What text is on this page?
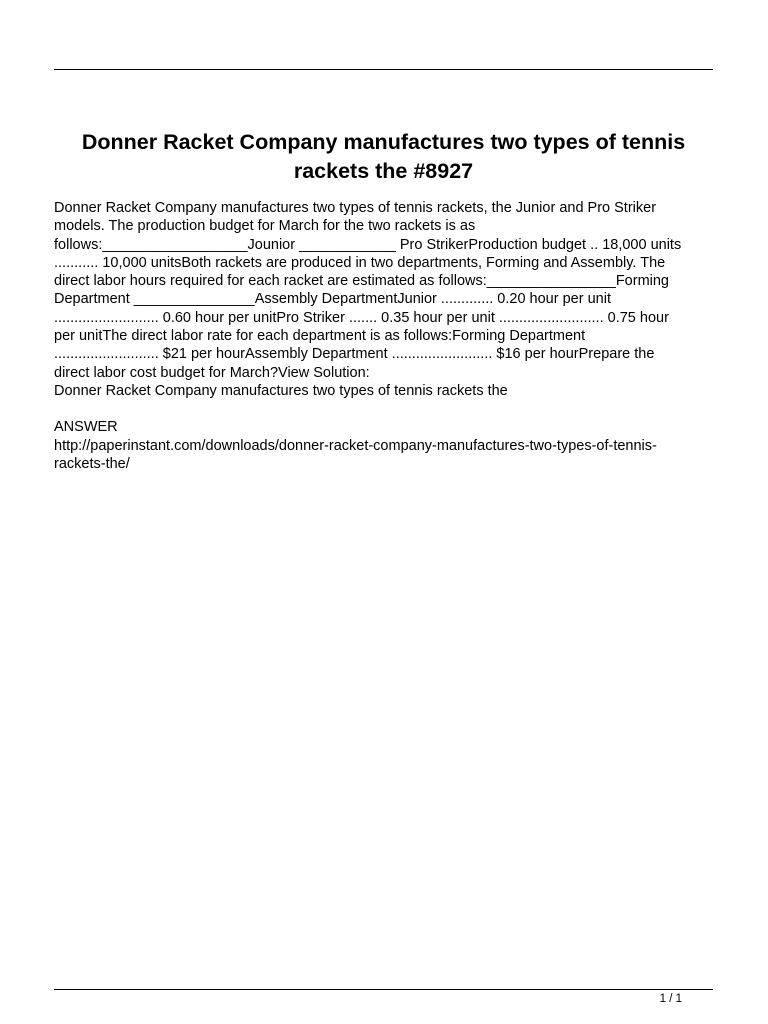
Donner Racket Company manufactures two types of tennis rackets the #8927

Donner Racket Company manufactures two types of tennis rackets, the Junior and Pro Striker
models. The production budget for March for the two rackets is as
follows:__________________Jounior ____________ Pro StrikerProduction budget .. 18,000 units
........... 10,000 unitsBoth rackets are produced in two departments, Forming and Assembly. The
direct labor hours required for each racket are estimated as follows:________________Forming
Department _______________Assembly DepartmentJunior ............. 0.20 hour per unit
.......................... 0.60 hour per unitPro Striker ....... 0.35 hour per unit .......................... 0.75 hour
per unitThe direct labor rate for each department is as follows:Forming Department
.......................... $21 per hourAssembly Department ......................... $16 per hourPrepare the
direct labor cost budget for March?View Solution:

Donner Racket Company manufactures two types of tennis rackets the

ANSWER

http://paperinstant.com/downloads/donner-racket-company-manufactures-two-types-of-tennis-
rackets-the/

1 / 1
